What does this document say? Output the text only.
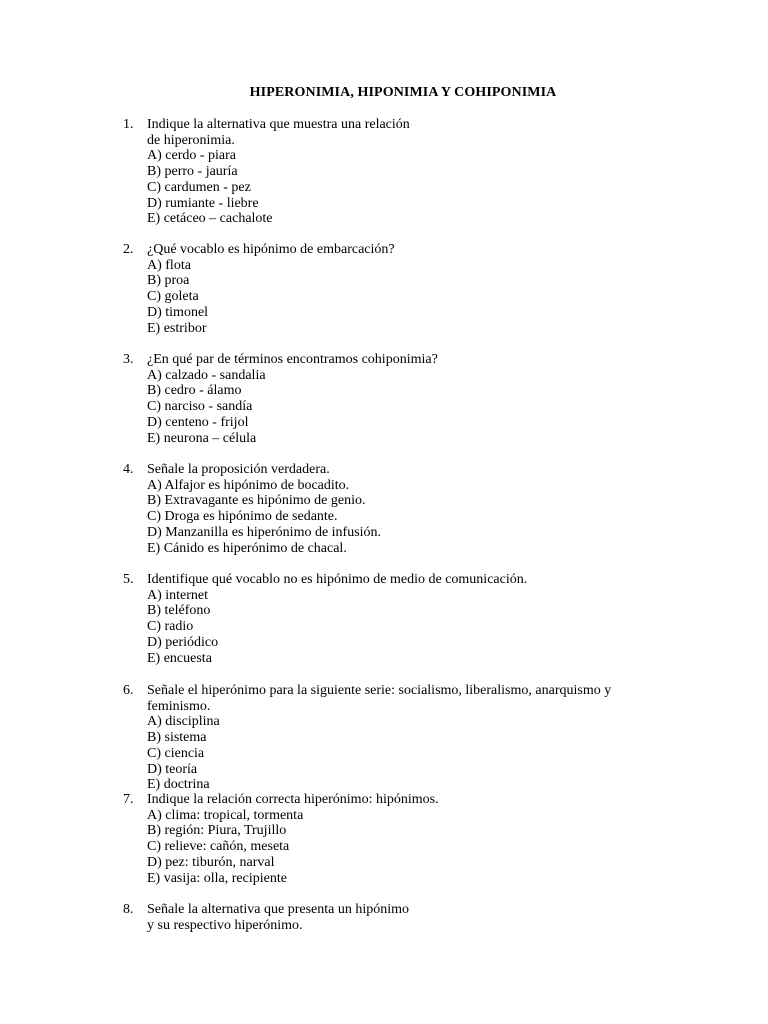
HIPERONIMIA, HIPONIMIA Y COHIPONIMIA
1. Indique la alternativa que muestra una relación
de hiperonimia.
A) cerdo - piara
B) perro - jauría
C) cardumen - pez
D) rumiante - liebre
E) cetáceo – cachalote
2. ¿Qué vocablo es hipónimo de embarcación?
A) flota
B) proa
C) goleta
D) timonel
E) estribor
3. ¿En qué par de términos encontramos cohiponimia?
A) calzado - sandalia
B) cedro - álamo
C) narciso - sandía
D) centeno - frijol
E) neurona – célula
4. Señale la proposición verdadera.
A) Alfajor es hipónimo de bocadito.
B) Extravagante es hipónimo de genio.
C) Droga es hipónimo de sedante.
D) Manzanilla es hiperónimo de infusión.
E) Cánido es hiperónimo de chacal.
5. Identifique qué vocablo no es hipónimo de medio de comunicación.
A) internet
B) teléfono
C) radio
D) periódico
E) encuesta
6. Señale el hiperónimo para la siguiente serie: socialismo, liberalismo, anarquismo y
feminismo.
A) disciplina
B) sistema
C) ciencia
D) teoría
E) doctrina
7. Indique la relación correcta hiperónimo: hipónimos.
A) clima: tropical, tormenta
B) región: Piura, Trujillo
C) relieve: cañón, meseta
D) pez: tiburón, narval
E) vasija: olla, recipiente
8. Señale la alternativa que presenta un hipónimo
y su respectivo hiperónimo.
